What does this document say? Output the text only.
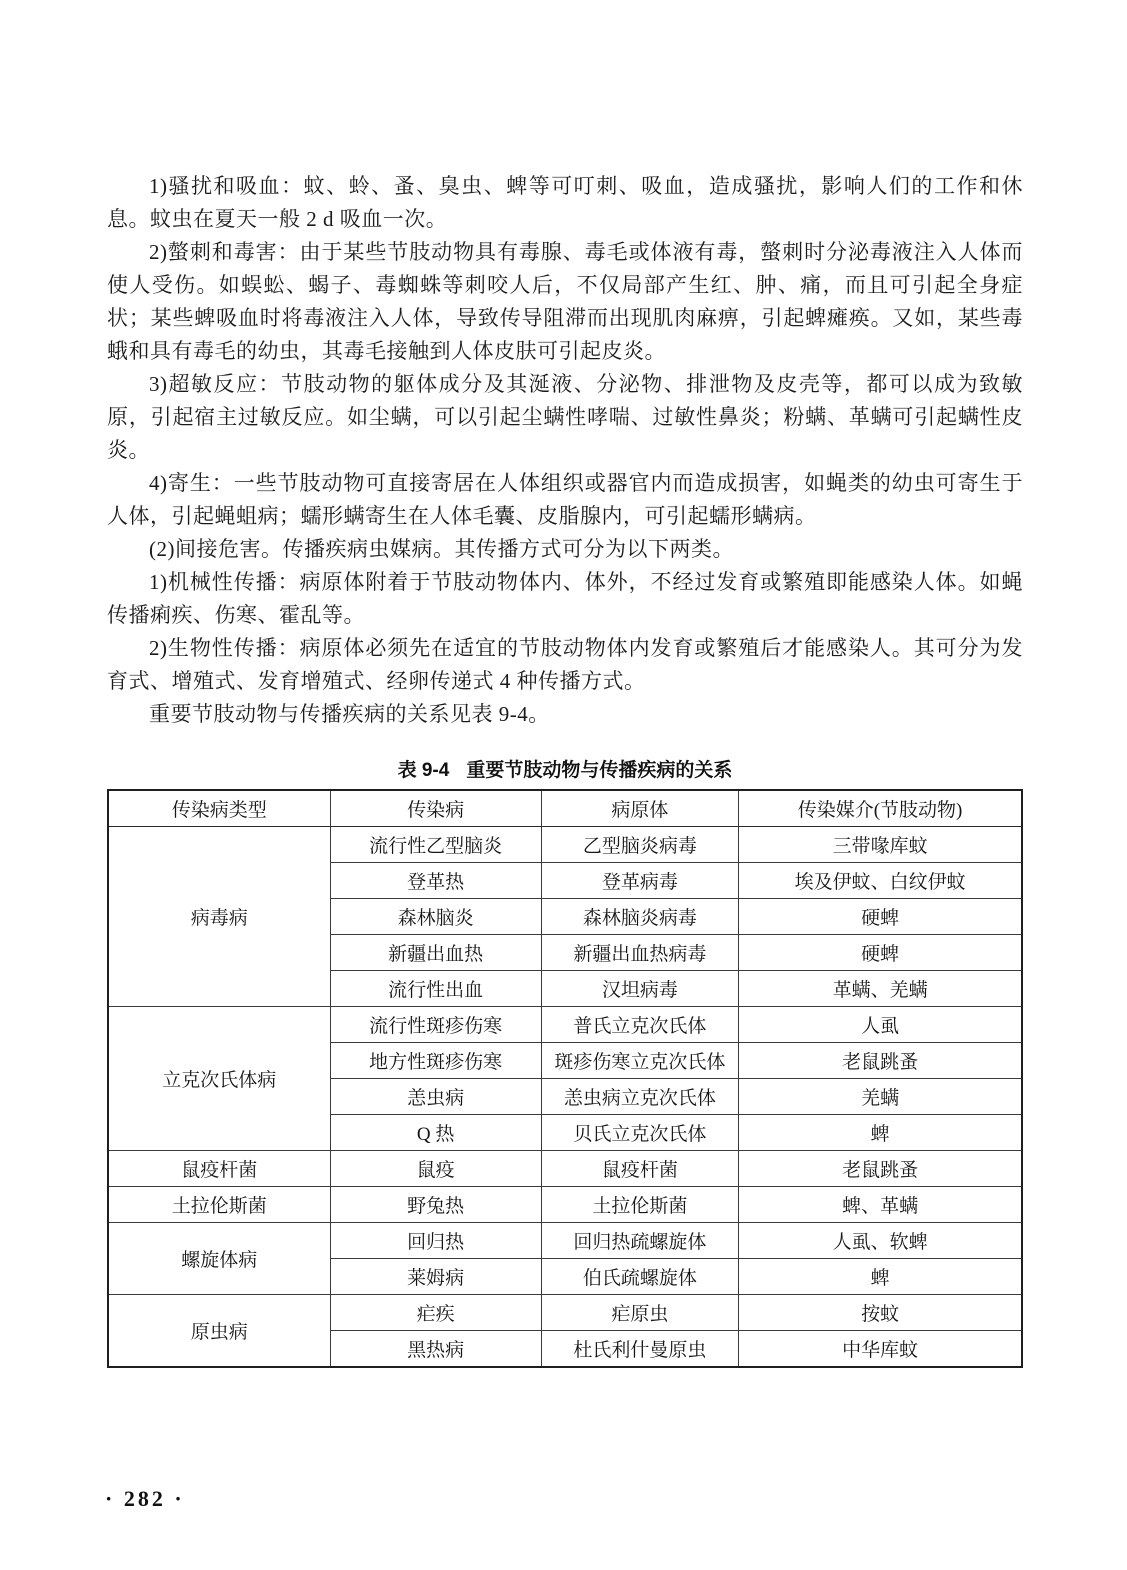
1)骚扰和吸血：蚊、蛉、蚤、臭虫、蜱等可叮刺、吸血，造成骚扰，影响人们的工作和休息。蚊虫在夏天一般 2 d 吸血一次。

2)螫刺和毒害：由于某些节肢动物具有毒腺、毒毛或体液有毒，螫刺时分泌毒液注入人体而使人受伤。如蜈蚣、蝎子、毒蜘蛛等刺咬人后，不仅局部产生红、肿、痛，而且可引起全身症状；某些蜱吸血时将毒液注入人体，导致传导阻滞而出现肌肉麻痹，引起蜱瘫痪。又如，某些毒蛾和具有毒毛的幼虫，其毒毛接触到人体皮肤可引起皮炎。

3)超敏反应：节肢动物的躯体成分及其涎液、分泌物、排泄物及皮壳等，都可以成为致敏原，引起宿主过敏反应。如尘螨，可以引起尘螨性哮喘、过敏性鼻炎；粉螨、革螨可引起螨性皮炎。

4)寄生：一些节肢动物可直接寄居在人体组织或器官内而造成损害，如蝇类的幼虫可寄生于人体，引起蝇蛆病；蠕形螨寄生在人体毛囊、皮脂腺内，可引起蠕形螨病。

(2)间接危害。传播疾病虫媒病。其传播方式可分为以下两类。

1)机械性传播：病原体附着于节肢动物体内、体外，不经过发育或繁殖即能感染人体。如蝇传播痢疾、伤寒、霍乱等。

2)生物性传播：病原体必须先在适宜的节肢动物体内发育或繁殖后才能感染人。其可分为发育式、增殖式、发育增殖式、经卵传递式 4 种传播方式。

重要节肢动物与传播疾病的关系见表 9-4。

表 9-4 重要节肢动物与传播疾病的关系
传染病类型	传染病	病原体	传染媒介(节肢动物)
病毒病	流行性乙型脑炎	乙型脑炎病毒	三带喙库蚊
	登革热	登革病毒	埃及伊蚊、白纹伊蚊
	森林脑炎	森林脑炎病毒	硬蜱
	新疆出血热	新疆出血热病毒	硬蜱
	流行性出血	汉坦病毒	革螨、羌螨
立克次氏体病	流行性斑疹伤寒	普氏立克次氏体	人虱
	地方性斑疹伤寒	斑疹伤寒立克次氏体	老鼠跳蚤
	恙虫病	恙虫病立克次氏体	羌螨
	Q 热	贝氏立克次氏体	蜱
鼠疫杆菌	鼠疫	鼠疫杆菌	老鼠跳蚤
土拉伦斯菌	野兔热	土拉伦斯菌	蜱、革螨
螺旋体病	回归热	回归热疏螺旋体	人虱、软蜱
	莱姆病	伯氏疏螺旋体	蜱
原虫病	疟疾	疟原虫	按蚊
	黑热病	杜氏利什曼原虫	中华库蚊
· 282 ·
